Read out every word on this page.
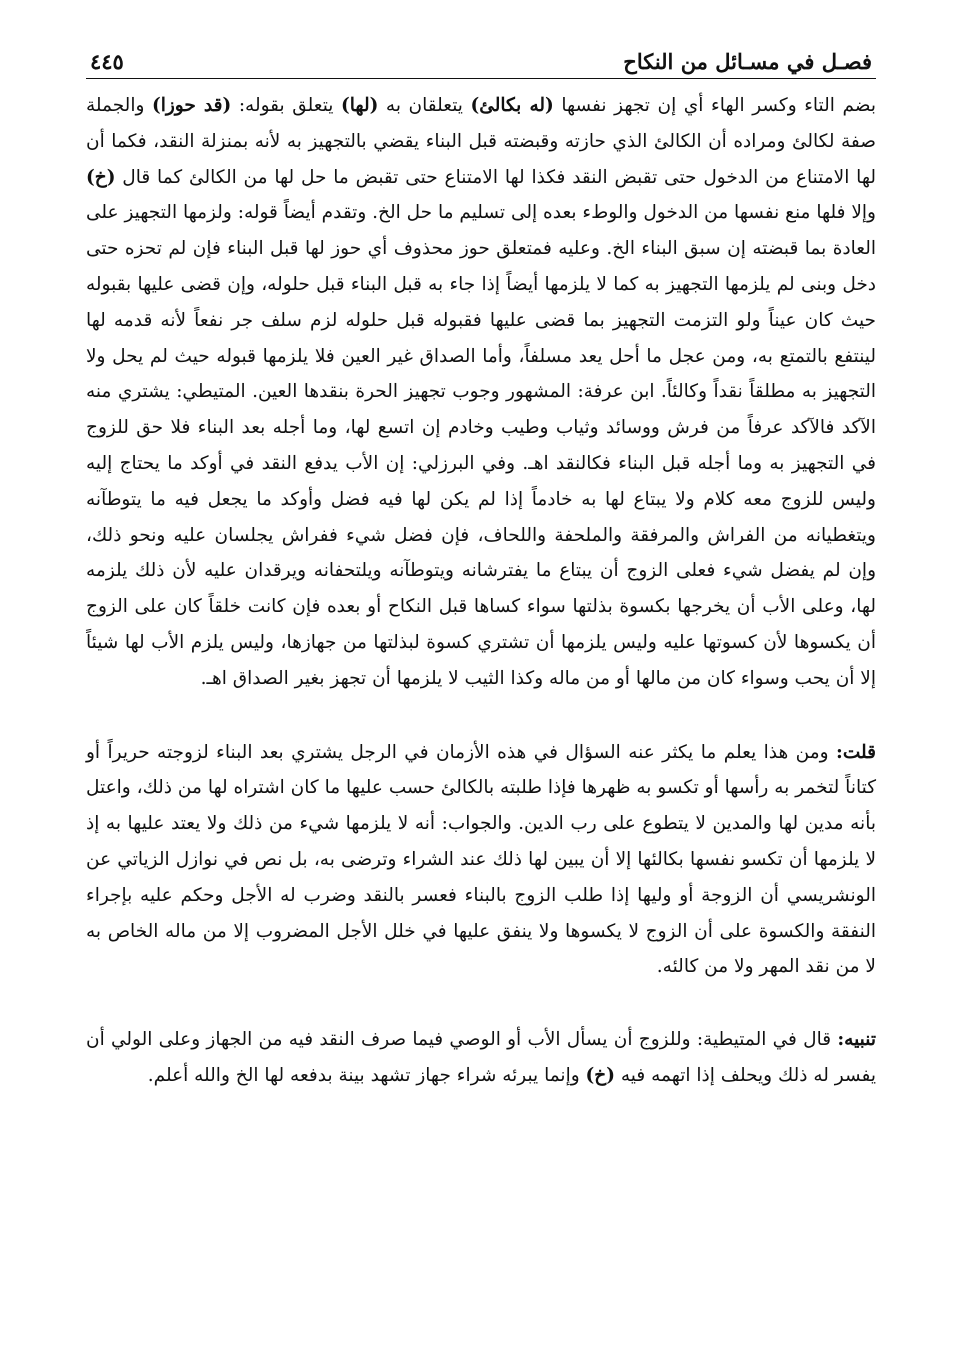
فصـل في مسـائل من النكاح
٤٤٥

بضم التاء وكسر الهاء أي إن تجهز نفسها (له بكالئ) يتعلقان به (لها) يتعلق بقوله: (قد حوزا) والجملة صفة لكالئ ومراده أن الكالئ الذي حازته وقبضته قبل البناء يقضي بالتجهيز به لأنه بمنزلة النقد، فكما أن لها الامتناع من الدخول حتى تقبض النقد فكذا لها الامتناع حتى تقبض ما حل لها من الكالئ كما قال (خ) وإلا فلها منع نفسها من الدخول والوطء بعده إلى تسليم ما حل الخ. وتقدم أيضاً قوله: ولزمها التجهيز على العادة بما قبضته إن سبق البناء الخ. وعليه فمتعلق حوز محذوف أي حوز لها قبل البناء فإن لم تحزه حتى دخل وبنى لم يلزمها التجهيز به كما لا يلزمها أيضاً إذا جاء به قبل البناء قبل حلوله، وإن قضى عليها بقبوله حيث كان عيناً ولو التزمت التجهيز بما قضى عليها فقبوله قبل حلوله لزم سلف جر نفعاً لأنه قدمه لها لينتفع بالتمتع به، ومن عجل ما أحل يعد مسلفاً، وأما الصداق غير العين فلا يلزمها قبوله حيث لم يحل ولا التجهيز به مطلقاً نقداً وكالئاً. ابن عرفة: المشهور وجوب تجهيز الحرة بنقدها العين. المتيطي: يشتري منه الآكد فالآكد عرفاً من فرش ووسائد وثياب وطيب وخادم إن اتسع لها، وما أجله بعد البناء فلا حق للزوج في التجهيز به وما أجله قبل البناء فكالنقد اهـ. وفي البرزلي: إن الأب يدفع النقد في أوكد ما يحتاج إليه وليس للزوج معه كلام ولا يبتاع لها به خادماً إذا لم يكن لها فيه فضل وأوكد ما يجعل فيه ما يتوطآنه ويتغطيانه من الفراش والمرفقة والملحفة واللحاف، فإن فضل شيء ففراش يجلسان عليه ونحو ذلك، وإن لم يفضل شيء فعلى الزوج أن يبتاع ما يفترشانه ويتوطآنه ويلتحفانه ويرقدان عليه لأن ذلك يلزمه لها، وعلى الأب أن يخرجها بكسوة بذلتها سواء كساها قبل النكاح أو بعده فإن كانت خلقاً كان على الزوج أن يكسوها لأن كسوتها عليه وليس يلزمها أن تشتري كسوة لبذلتها من جهازها، وليس يلزم الأب لها شيئاً إلا أن يحب وسواء كان من مالها أو من ماله وكذا الثيب لا يلزمها أن تجهز بغير الصداق اهـ.

قلت: ومن هذا يعلم ما يكثر عنه السؤال في هذه الأزمان في الرجل يشتري بعد البناء لزوجته حريراً أو كتاناً لتخمر به رأسها أو تكسو به ظهرها فإذا طلبته بالكالئ حسب عليها ما كان اشتراه لها من ذلك، واعتل بأنه مدين لها والمدين لا يتطوع على رب الدين. والجواب: أنه لا يلزمها شيء من ذلك ولا يعتد عليها به إذ لا يلزمها أن تكسو نفسها بكالئها إلا أن يبين لها ذلك عند الشراء وترضى به، بل نص في نوازل الزياتي عن الونشريسي أن الزوجة أو وليها إذا طلب الزوج بالبناء فعسر بالنقد وضرب له الأجل وحكم عليه بإجراء النفقة والكسوة على أن الزوج لا يكسوها ولا ينفق عليها في خلل الأجل المضروب إلا من ماله الخاص به لا من نقد المهر ولا من كالئه.

تنبيه: قال في المتيطية: وللزوج أن يسأل الأب أو الوصي فيما صرف النقد فيه من الجهاز وعلى الولي أن يفسر له ذلك ويحلف إذا اتهمه فيه (خ) وإنما يبرئه شراء جهاز تشهد بينة بدفعه لها الخ والله أعلم.
